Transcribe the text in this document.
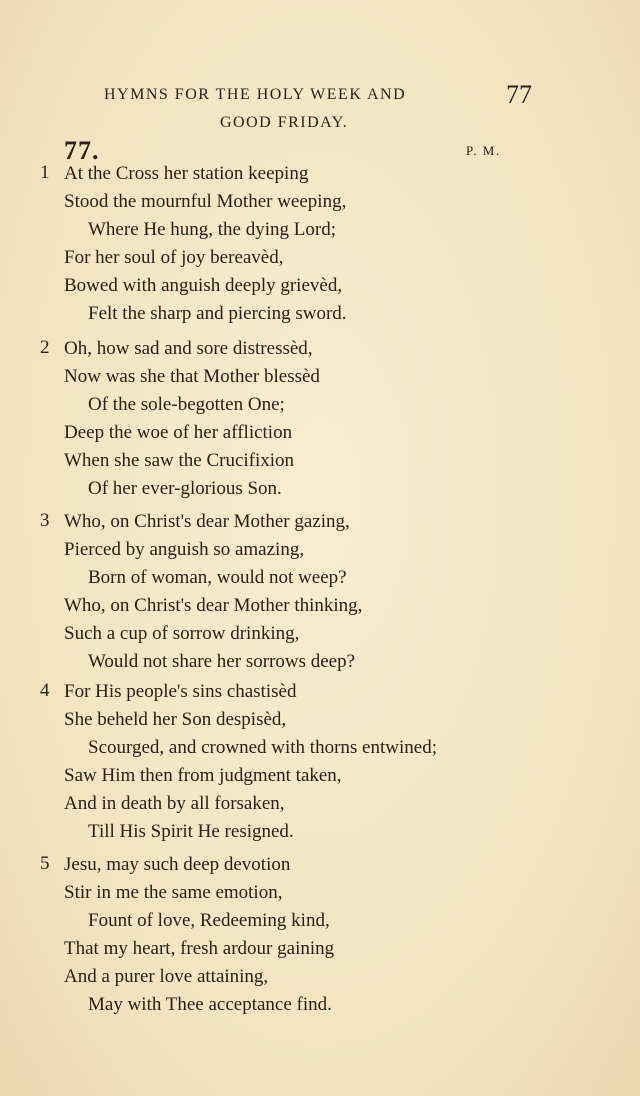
HYMNS FOR THE HOLY WEEK AND	77
GOOD FRIDAY.
77.	P. M.
1 At the Cross her station keeping
Stood the mournful Mother weeping,
Where He hung, the dying Lord;
For her soul of joy bereavèd,
Bowed with anguish deeply grievèd,
Felt the sharp and piercing sword.
2 Oh, how sad and sore distressèd,
Now was she that Mother blessèd
Of the sole-begotten One;
Deep the woe of her affliction
When she saw the Crucifixion
Of her ever-glorious Son.
3 Who, on Christ's dear Mother gazing,
Pierced by anguish so amazing,
Born of woman, would not weep?
Who, on Christ's dear Mother thinking,
Such a cup of sorrow drinking,
Would not share her sorrows deep?
4 For His people's sins chastisèd
She beheld her Son despisèd,
Scourged, and crowned with thorns entwined;
Saw Him then from judgment taken,
And in death by all forsaken,
Till His Spirit He resigned.
5 Jesu, may such deep devotion
Stir in me the same emotion,
Fount of love, Redeeming kind,
That my heart, fresh ardour gaining
And a purer love attaining,
May with Thee acceptance find.
